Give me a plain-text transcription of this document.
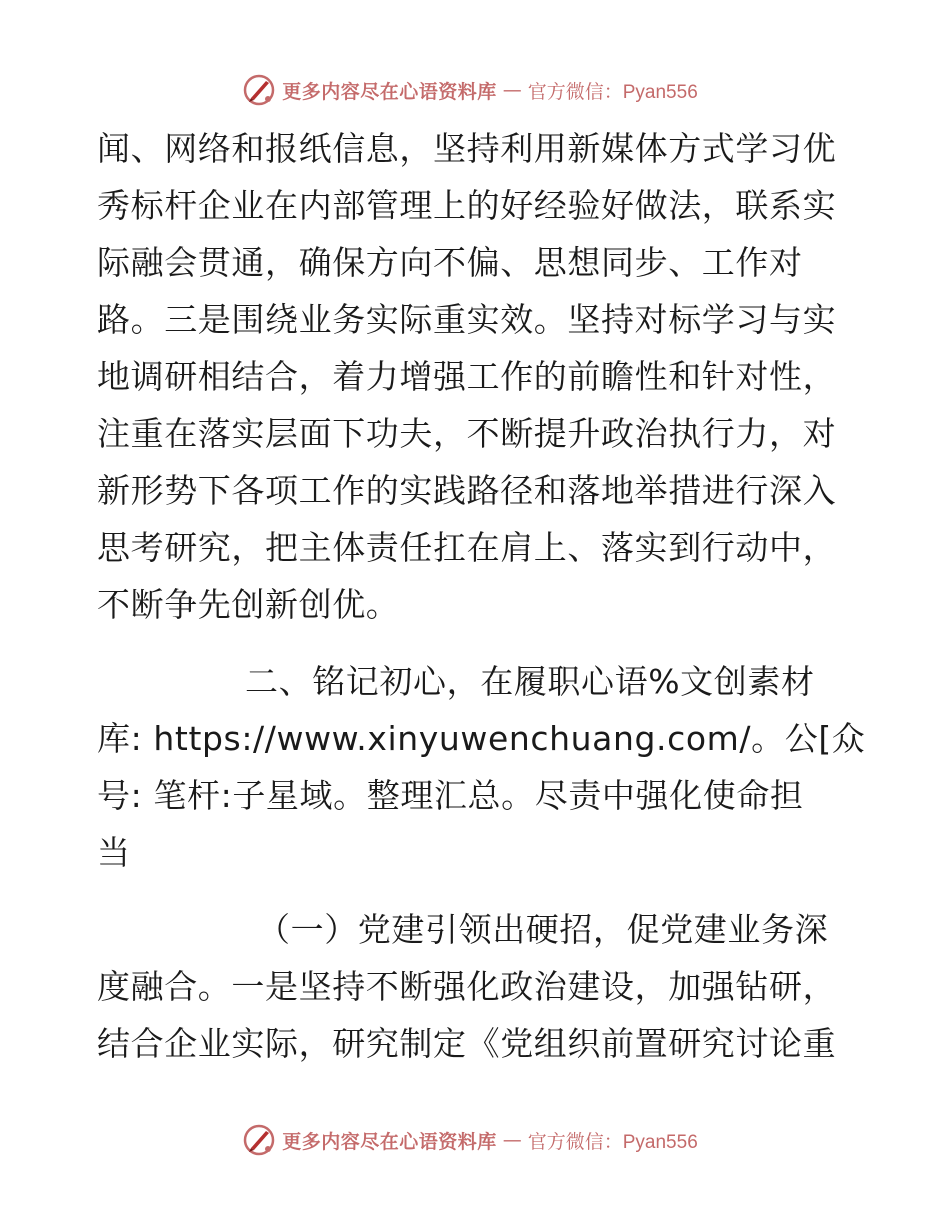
更多内容尽在心语资料库 — 官方微信：Pyan556
闻、网络和报纸信息，坚持利用新媒体方式学习优
秀标杆企业在内部管理上的好经验好做法，联系实
际融会贯通，确保方向不偏、思想同步、工作对
路。三是围绕业务实际重实效。坚持对标学习与实
地调研相结合，着力增强工作的前瞻性和针对性，
注重在落实层面下功夫，不断提升政治执行力，对
新形势下各项工作的实践路径和落地举措进行深入
思考研究，把主体责任扛在肩上、落实到行动中，
不断争先创新创优。
二、铭记初心，在履职心语%文创素材
库: https://www.xinyuwenchuang.com/。公[众
号: 笔杆:子星域。整理汇总。尽责中强化使命担
当
（一）党建引领出硬招，促党建业务深
度融合。一是坚持不断强化政治建设，加强钻研，
结合企业实际，研究制定《党组织前置研究讨论重
更多内容尽在心语资料库 — 官方微信：Pyan556
